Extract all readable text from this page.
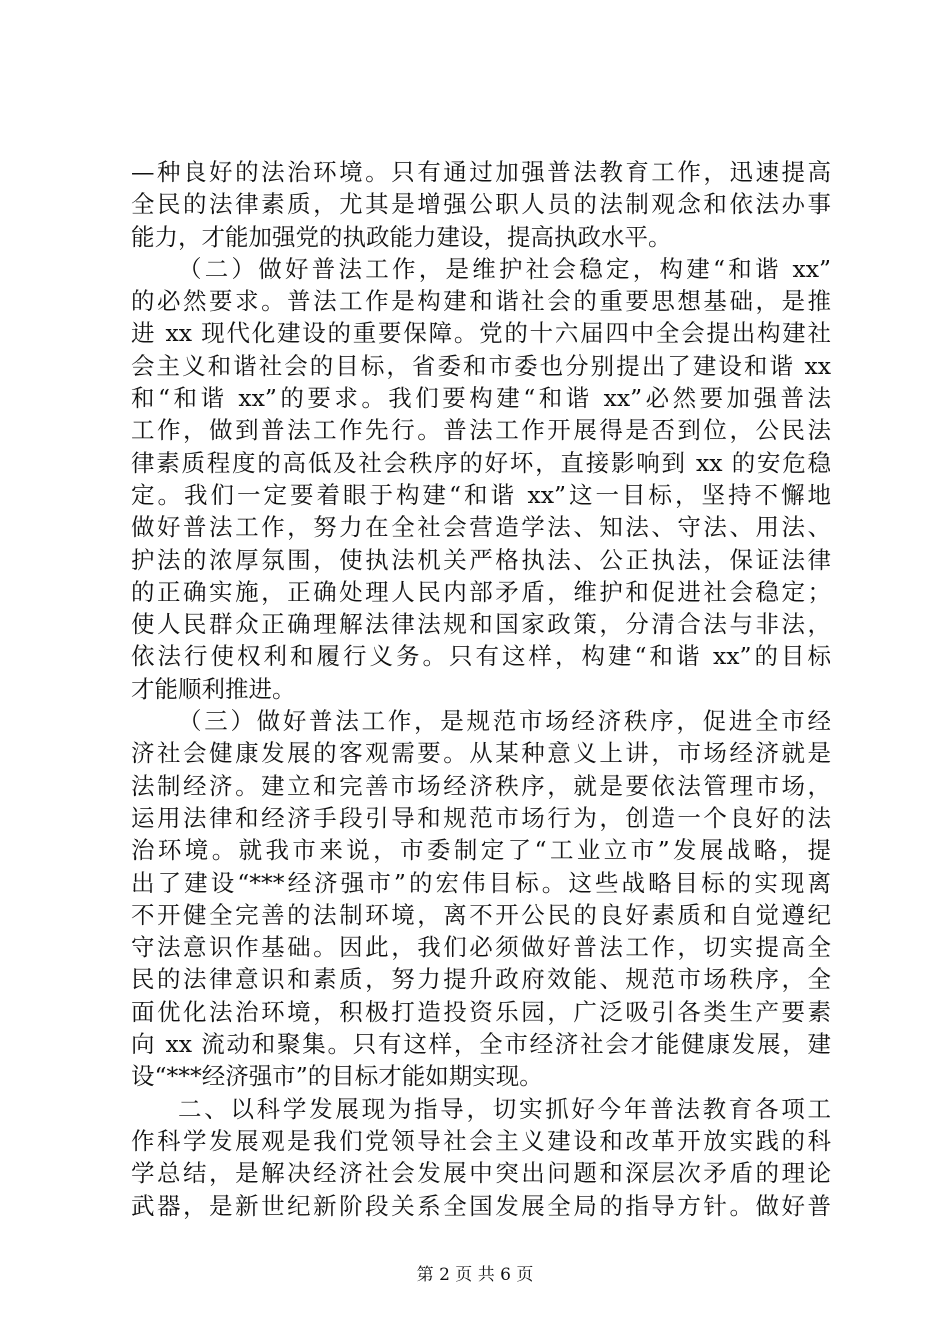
—种良好的法治环境。只有通过加强普法教育工作，迅速提高
全民的法律素质，尤其是增强公职人员的法制观念和依法办事
能力，才能加强党的执政能力建设，提高执政水平。
（二）做好普法工作，是维护社会稳定，构建“和谐 xx”
的必然要求。普法工作是构建和谐社会的重要思想基础，是推
进 xx 现代化建设的重要保障。党的十六届四中全会提出构建社
会主义和谐社会的目标，省委和市委也分别提出了建设和谐 xx
和“和谐 xx”的要求。我们要构建“和谐 xx”必然要加强普法
工作，做到普法工作先行。普法工作开展得是否到位，公民法
律素质程度的高低及社会秩序的好坏，直接影响到 xx 的安危稳
定。我们一定要着眼于构建“和谐 xx”这一目标，坚持不懈地
做好普法工作，努力在全社会营造学法、知法、守法、用法、
护法的浓厚氛围，使执法机关严格执法、公正执法，保证法律
的正确实施，正确处理人民内部矛盾，维护和促进社会稳定；
使人民群众正确理解法律法规和国家政策，分清合法与非法，
依法行使权利和履行义务。只有这样，构建“和谐 xx”的目标
才能顺利推进。
（三）做好普法工作，是规范市场经济秩序，促进全市经
济社会健康发展的客观需要。从某种意义上讲，市场经济就是
法制经济。建立和完善市场经济秩序，就是要依法管理市场，
运用法律和经济手段引导和规范市场行为，创造一个良好的法
治环境。就我市来说，市委制定了“工业立市”发展战略，提
出了建设“***经济强市”的宏伟目标。这些战略目标的实现离
不开健全完善的法制环境，离不开公民的良好素质和自觉遵纪
守法意识作基础。因此，我们必须做好普法工作，切实提高全
民的法律意识和素质，努力提升政府效能、规范市场秩序，全
面优化法治环境，积极打造投资乐园，广泛吸引各类生产要素
向 xx 流动和聚集。只有这样，全市经济社会才能健康发展，建
设“***经济强市”的目标才能如期实现。
二、以科学发展现为指导，切实抓好今年普法教育各项工
作科学发展观是我们党领导社会主义建设和改革开放实践的科
学总结，是解决经济社会发展中突出问题和深层次矛盾的理论
武器，是新世纪新阶段关系全国发展全局的指导方针。做好普
第 2 页 共 6 页
